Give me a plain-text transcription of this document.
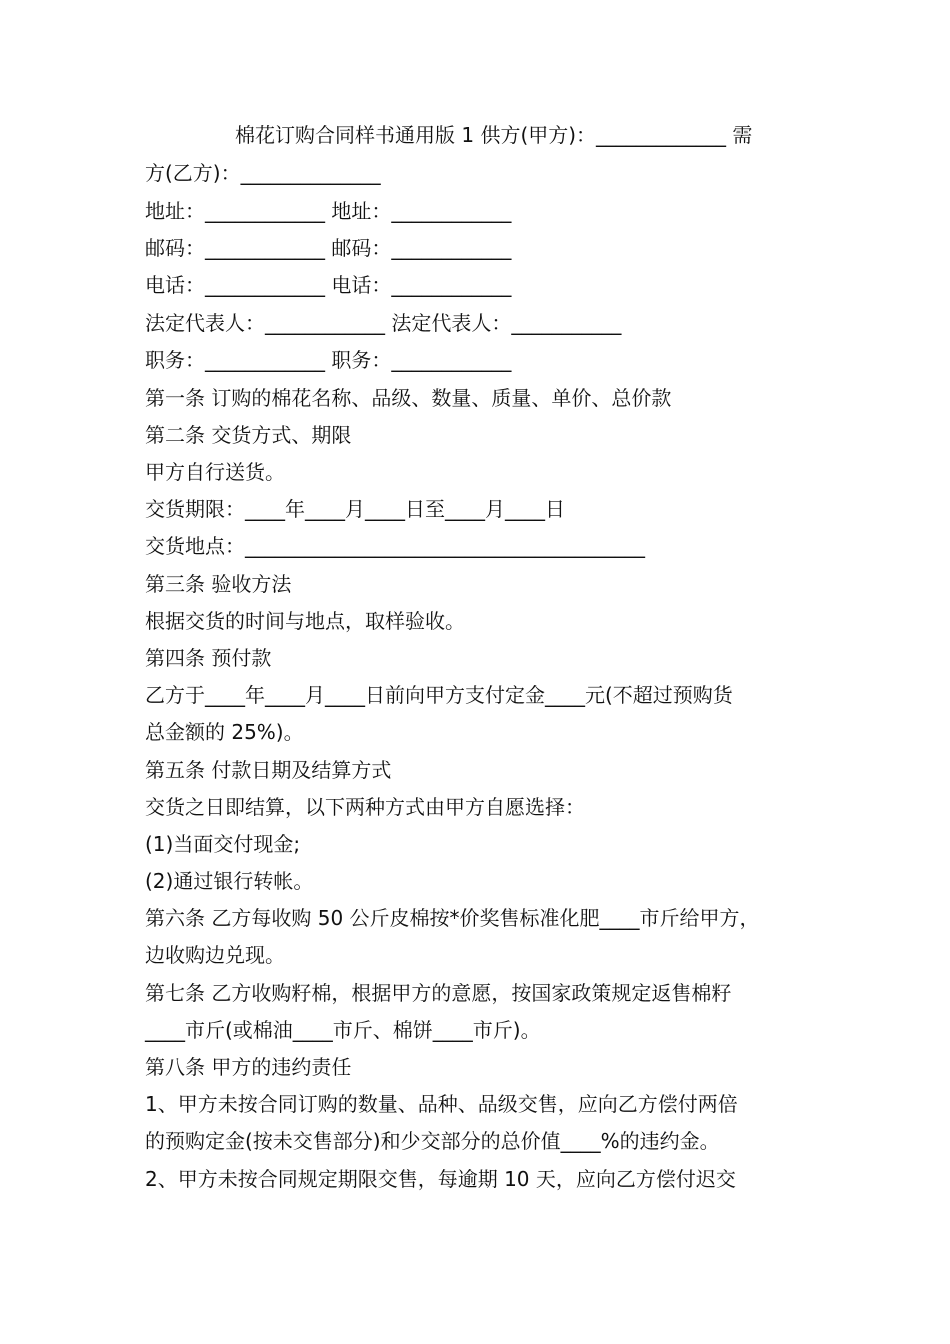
棉花订购合同样书通用版 1 供方(甲方)：_____________ 需
方(乙方)：______________
地址：____________ 地址：____________
邮码：____________ 邮码：____________
电话：____________ 电话：____________
法定代表人：____________ 法定代表人：___________
职务：____________ 职务：____________
第一条 订购的棉花名称、品级、数量、质量、单价、总价款
第二条 交货方式、期限
甲方自行送货。
交货期限：____年____月____日至____月____日
交货地点：________________________________________
第三条 验收方法
根据交货的时间与地点，取样验收。
第四条 预付款
乙方于____年____月____日前向甲方支付定金____元(不超过预购货
总金额的 25%)。
第五条 付款日期及结算方式
交货之日即结算，以下两种方式由甲方自愿选择：
(1)当面交付现金;
(2)通过银行转帐。
第六条 乙方每收购 50 公斤皮棉按*价奖售标准化肥____市斤给甲方，
边收购边兑现。
第七条 乙方收购籽棉，根据甲方的意愿，按国家政策规定返售棉籽
____市斤(或棉油____市斤、棉饼____市斤)。
第八条 甲方的违约责任
1、甲方未按合同订购的数量、品种、品级交售，应向乙方偿付两倍
的预购定金(按未交售部分)和少交部分的总价值____%的违约金。
2、甲方未按合同规定期限交售，每逾期 10 天，应向乙方偿付迟交
